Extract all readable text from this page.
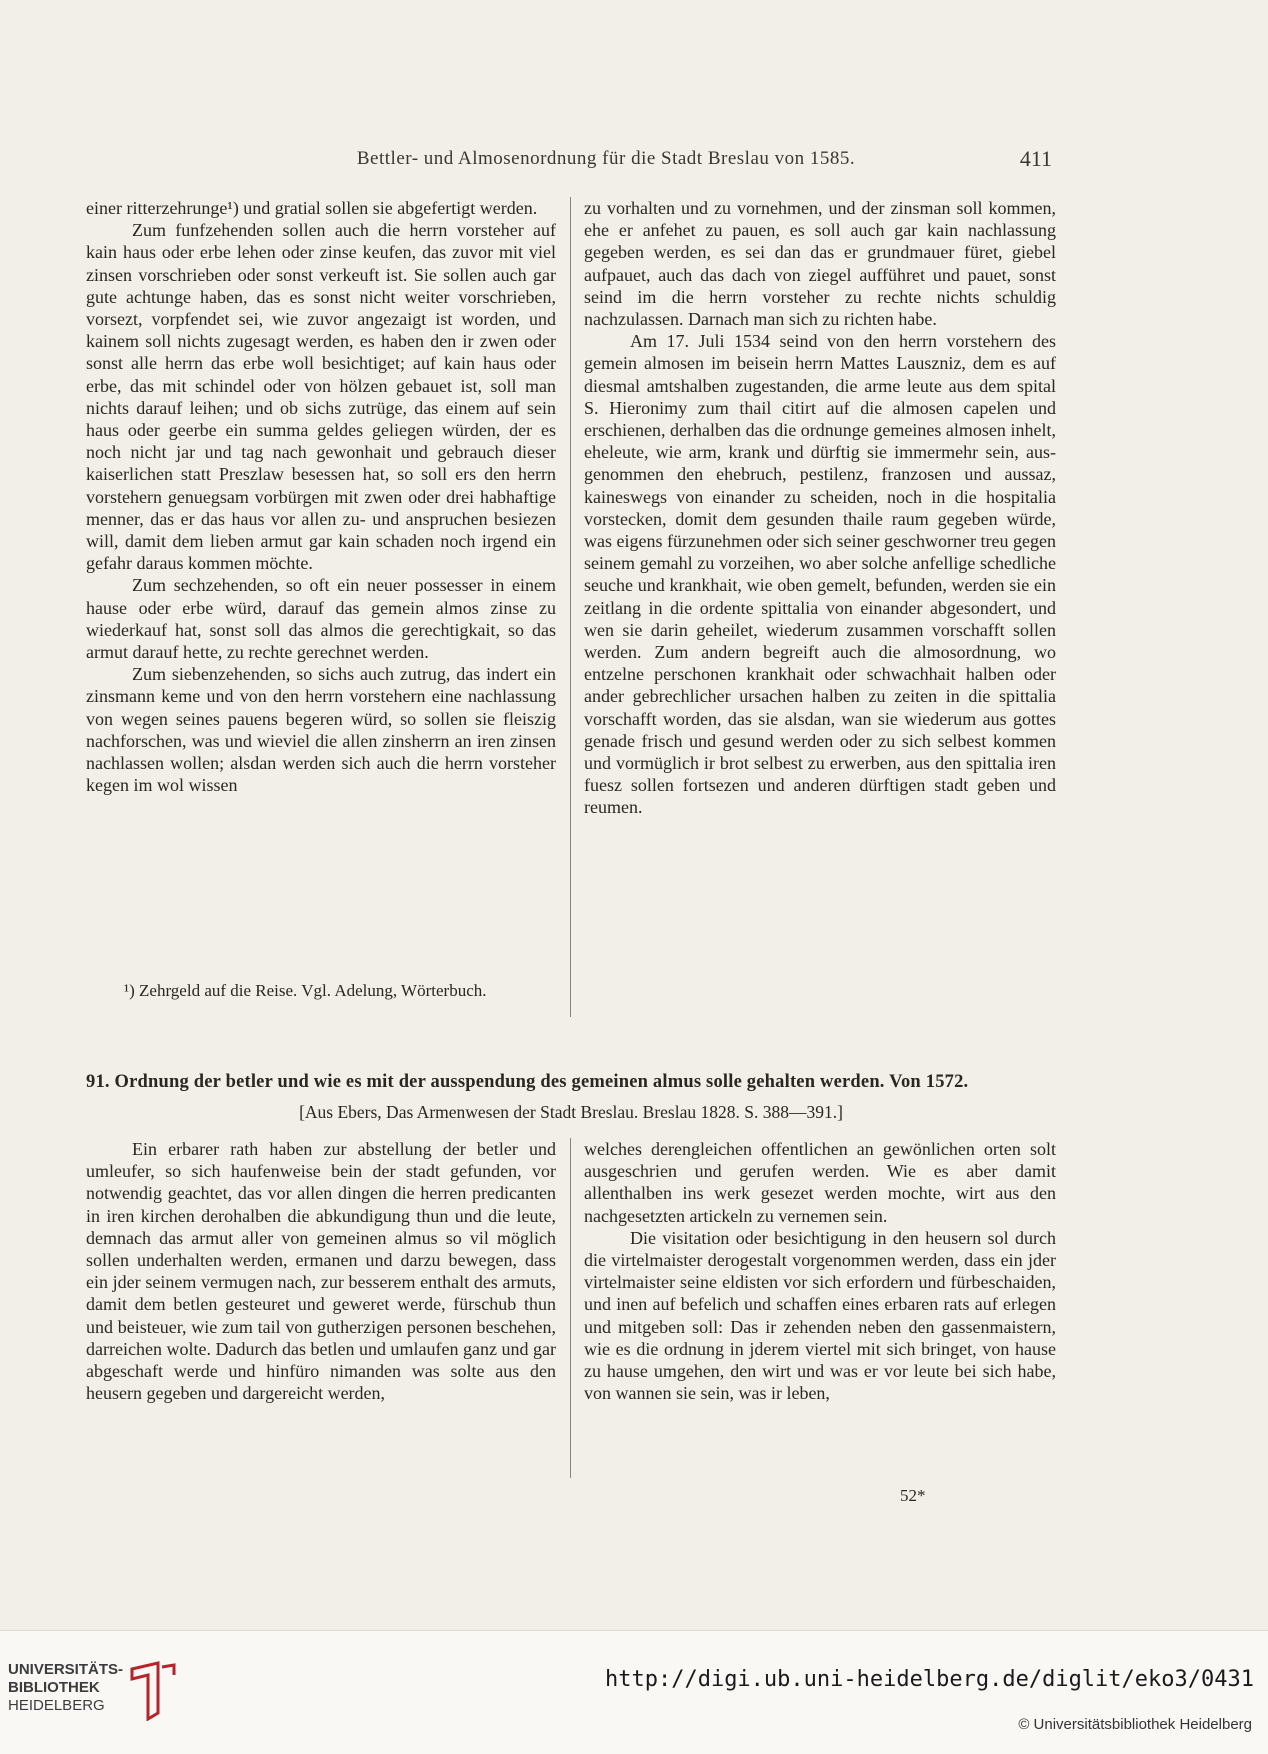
Bettler- und Almosenordnung für die Stadt Breslau von 1585.	411

einer ritterzehrunge¹) und gratial sollen sie abgefertigt werden.

Zum funfzehenden sollen auch die herrn vorsteher auf kain haus oder erbe lehen oder zinse keufen, das zuvor mit viel zinsen vorschrieben oder sonst verkeuft ist. Sie sollen auch gar gute achtunge haben, das es sonst nicht weiter vorschrieben, vorsezt, vorpfendet sei, wie zuvor angezaigt ist worden, und kainem soll nichts zugesagt werden, es haben den ir zwen oder sonst alle herrn das erbe woll besichtiget; auf kain haus oder erbe, das mit schindel oder von hölzen gebauet ist, soll man nichts darauf leihen; und ob sichs zutrüge, das einem auf sein haus oder geerbe ein summa geldes geliegen würden, der es noch nicht jar und tag nach gewonhait und gebrauch dieser kaiserlichen statt Preszlaw besessen hat, so soll ers den herrn vorstehern genuegsam vorbürgen mit zwen oder drei habhaftige menner, das er das haus vor allen zu- und anspruchen besiezen will, damit dem lieben armut gar kain schaden noch irgend ein gefahr daraus kommen möchte.

Zum sechzehenden, so oft ein neuer possesser in einem hause oder erbe würd, darauf das gemein almos zinse zu wiederkauf hat, sonst soll das almos die gerechtigkait, so das armut darauf hette, zu rechte gerechnet werden.

Zum siebenzehenden, so sichs auch zutrug, das indert ein zinsmann keme und von den herrn vorstehern eine nachlassung von wegen seines pauens begeren würd, so sollen sie fleiszig nachforschen, was und wieviel die allen zinsherrn an iren zinsen nachlassen wollen; alsdan werden sich auch die herrn vorsteher kegen im wol wissen

zu vorhalten und zu vornehmen, und der zinsman soll kommen, ehe er anfehet zu pauen, es soll auch gar kain nachlassung gegeben werden, es sei dan das er grundmauer füret, giebel aufpauet, auch das dach von ziegel aufführet und pauet, sonst seind im die herrn vorsteher zu rechte nichts schuldig nachzulassen. Darnach man sich zu richten habe.

Am 17. Juli 1534 seind von den herrn vorstehern des gemein almosen im beisein herrn Mattes Lauszniz, dem es auf diesmal amtshalben zugestanden, die arme leute aus dem spital S. Hieronimy zum thail citirt auf die almosen capelen und erschienen, derhalben das die ordnunge gemeines almosen inhelt, eheleute, wie arm, krank und dürftig sie immermehr sein, ausgenommen den ehebruch, pestilenz, franzosen und aussaz, kaineswegs von einander zu scheiden, noch in die hospitalia vorstecken, domit dem gesunden thaile raum gegeben würde, was eigens fürzunehmen oder sich seiner geschworner treu gegen seinem gemahl zu vorzeihen, wo aber solche anfellige schedliche seuche und krankhait, wie oben gemelt, befunden, werden sie ein zeitlang in die ordente spittalia von einander abgesondert, und wen sie darin geheilet, wiederum zusammen vorschafft sollen werden. Zum andern begreift auch die almosordnung, wo entzelne perschonen krankhait oder schwachhait halben oder ander gebrechlicher ursachen halben zu zeiten in die spittalia vorschafft worden, das sie alsdan, wan sie wiederum aus gottes genade frisch und gesund werden oder zu sich selbest kommen und vormüglich ir brot selbest zu erwerben, aus den spittalia iren fuesz sollen fortsezen und anderen dürftigen stadt geben und reumen.

¹) Zehrgeld auf die Reise. Vgl. Adelung, Wörterbuch.
91. Ordnung der betler und wie es mit der ausspendung des gemeinen almus solle gehalten werden. Von 1572.
[Aus Ebers, Das Armenwesen der Stadt Breslau. Breslau 1828. S. 388—391.]

Ein erbarer rath haben zur abstellung der betler und umleufer, so sich haufenweise bein der stadt gefunden, vor notwendig geachtet, das vor allen dingen die herren predicanten in iren kirchen derohalben die abkundigung thun und die leute, demnach das armut aller von gemeinen almus so vil möglich sollen underhalten werden, ermanen und darzu bewegen, dass ein jder seinem vermugen nach, zur besserem enthalt des armuts, damit dem betlen gesteuret und geweret werde, fürschub thun und beisteuer, wie zum tail von gutherzigen personen beschehen, darreichen wolte. Dadurch das betlen und umlaufen ganz und gar abgeschaft werde und hinfüro nimanden was solte aus den heusern gegeben und dargereicht werden,

welches derengleichen offentlichen an gewönlichen orten solt ausgeschrien und gerufen werden. Wie es aber damit allenthalben ins werk gesezet werden mochte, wirt aus den nachgesetzten artickeln zu vernemen sein.

Die visitation oder besichtigung in den heusern sol durch die virtelmaister derogestalt vorgenommen werden, dass ein jder virtelmaister seine eldisten vor sich erfordern und fürbeschaiden, und inen auf befelich und schaffen eines erbaren rats auf erlegen und mitgeben soll: Das ir zehenden neben den gassenmaistern, wie es die ordnung in jderem viertel mit sich bringet, von hause zu hause umgehen, den wirt und was er vor leute bei sich habe, von wannen sie sein, was ir leben,

52*
UNIVERSITÄTS-
BIBLIOTHEK
HEIDELBERG
http://digi.ub.uni-heidelberg.de/diglit/eko3/0431
© Universitätsbibliothek Heidelberg
